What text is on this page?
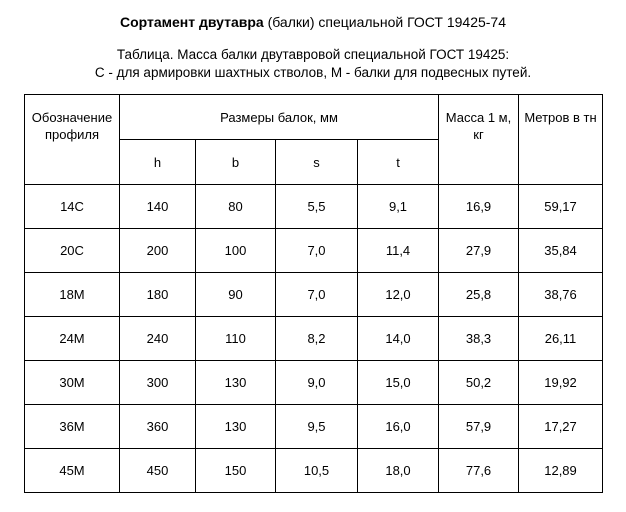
Сортамент двутавра (балки) специальной ГОСТ 19425-74
Таблица. Масса балки двутавровой специальной ГОСТ 19425:
С - для армировки шахтных стволов, М - балки для подвесных путей.
Обозначение профиля	Размеры балок, мм				Масса 1 м, кг	Метров в тн
	h	b	s	t		
14С	140	80	5,5	9,1	16,9	59,17
20С	200	100	7,0	11,4	27,9	35,84
18М	180	90	7,0	12,0	25,8	38,76
24М	240	110	8,2	14,0	38,3	26,11
30М	300	130	9,0	15,0	50,2	19,92
36М	360	130	9,5	16,0	57,9	17,27
45М	450	150	10,5	18,0	77,6	12,89
